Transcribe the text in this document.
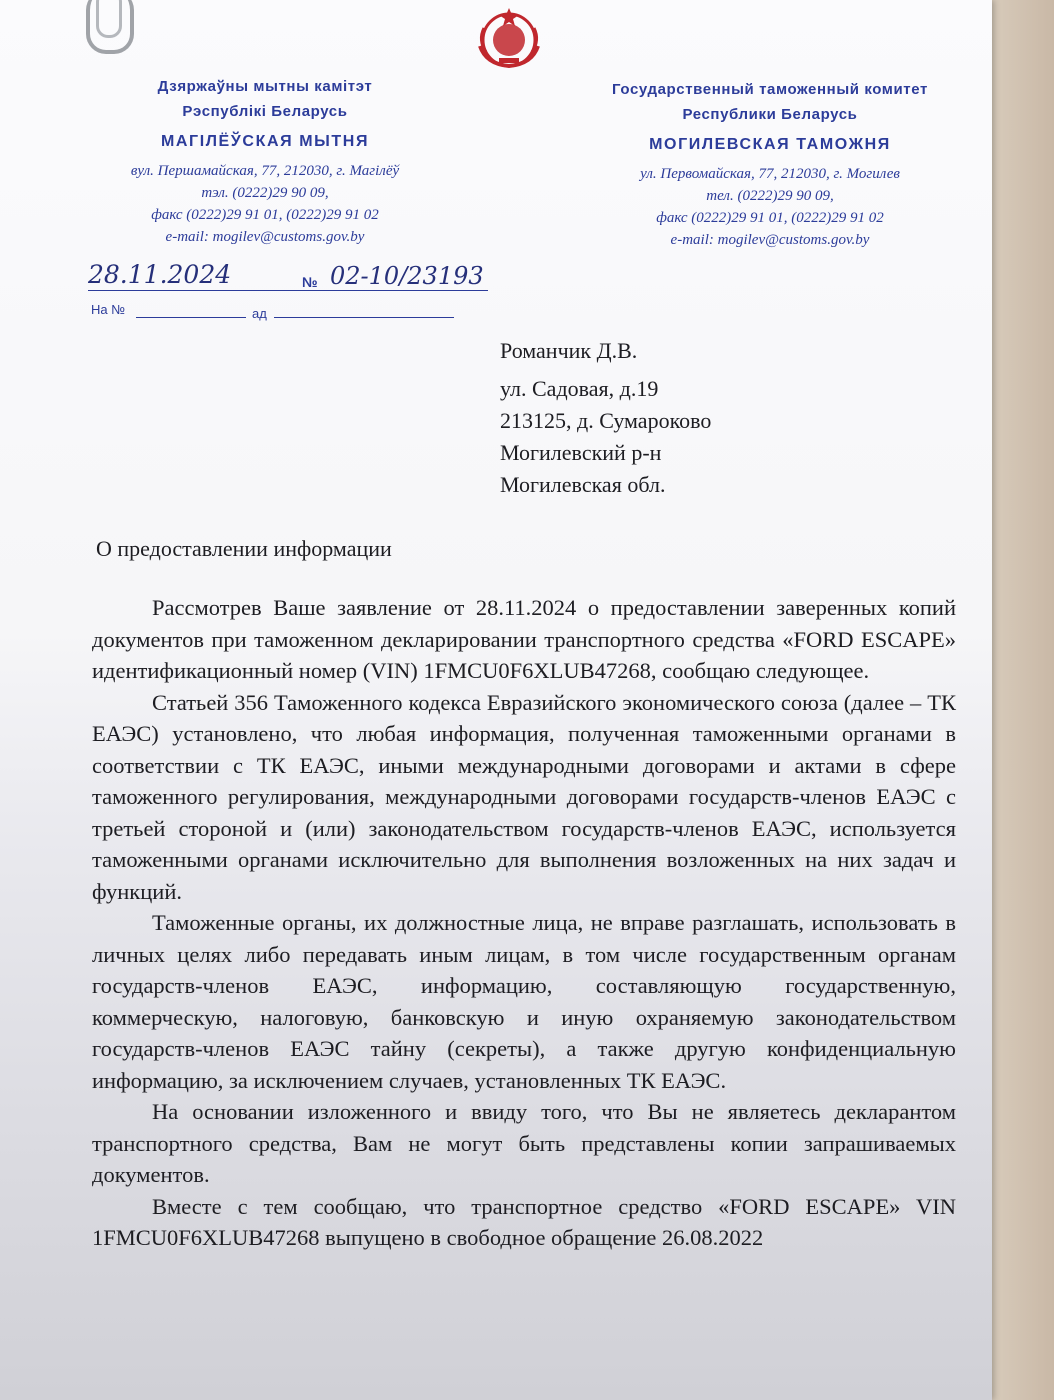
Дзяржаўны мытны камітэт
Рэспублікі Беларусь
МАГІЛЁЎСКАЯ МЫТНЯ
вул. Першамайская, 77, 212030, г. Магілёў
тэл. (0222)29 90 09,
факс (0222)29 91 01, (0222)29 91 02
e-mail: mogilev@customs.gov.by
Государственный таможенный комитет
Республики Беларусь
МОГИЛЕВСКАЯ ТАМОЖНЯ
ул. Первомайская, 77, 212030, г. Могилев
тел. (0222)29 90 09,
факс (0222)29 91 01, (0222)29 91 02
e-mail: mogilev@customs.gov.by
28.11.2024	№ 02-10/23193
На №	ад
Романчик Д.В.
ул. Садовая, д.19
213125, д. Сумароково
Могилевский р-н
Могилевская обл.
О предоставлении информации

Рассмотрев Ваше заявление от 28.11.2024 о предоставлении заверенных копий документов при таможенном декларировании транспортного средства «FORD ESCAPE» идентификационный номер (VIN) 1FMCU0F6XLUB47268, сообщаю следующее.

Статьей 356 Таможенного кодекса Евразийского экономического союза (далее – ТК ЕАЭС) установлено, что любая информация, полученная таможенными органами в соответствии с ТК ЕАЭС, иными международными договорами и актами в сфере таможенного регулирования, международными договорами государств-членов ЕАЭС с третьей стороной и (или) законодательством государств-членов ЕАЭС, используется таможенными органами исключительно для выполнения возложенных на них задач и функций.

Таможенные органы, их должностные лица, не вправе разглашать, использовать в личных целях либо передавать иным лицам, в том числе государственным органам государств-членов ЕАЭС, информацию, составляющую государственную, коммерческую, налоговую, банковскую и иную охраняемую законодательством государств-членов ЕАЭС тайну (секреты), а также другую конфиденциальную информацию, за исключением случаев, установленных ТК ЕАЭС.

На основании изложенного и ввиду того, что Вы не являетесь декларантом транспортного средства, Вам не могут быть представлены копии запрашиваемых документов.

Вместе с тем сообщаю, что транспортное средство «FORD ESCAPE» VIN 1FMCU0F6XLUB47268 выпущено в свободное обращение 26.08.2022
